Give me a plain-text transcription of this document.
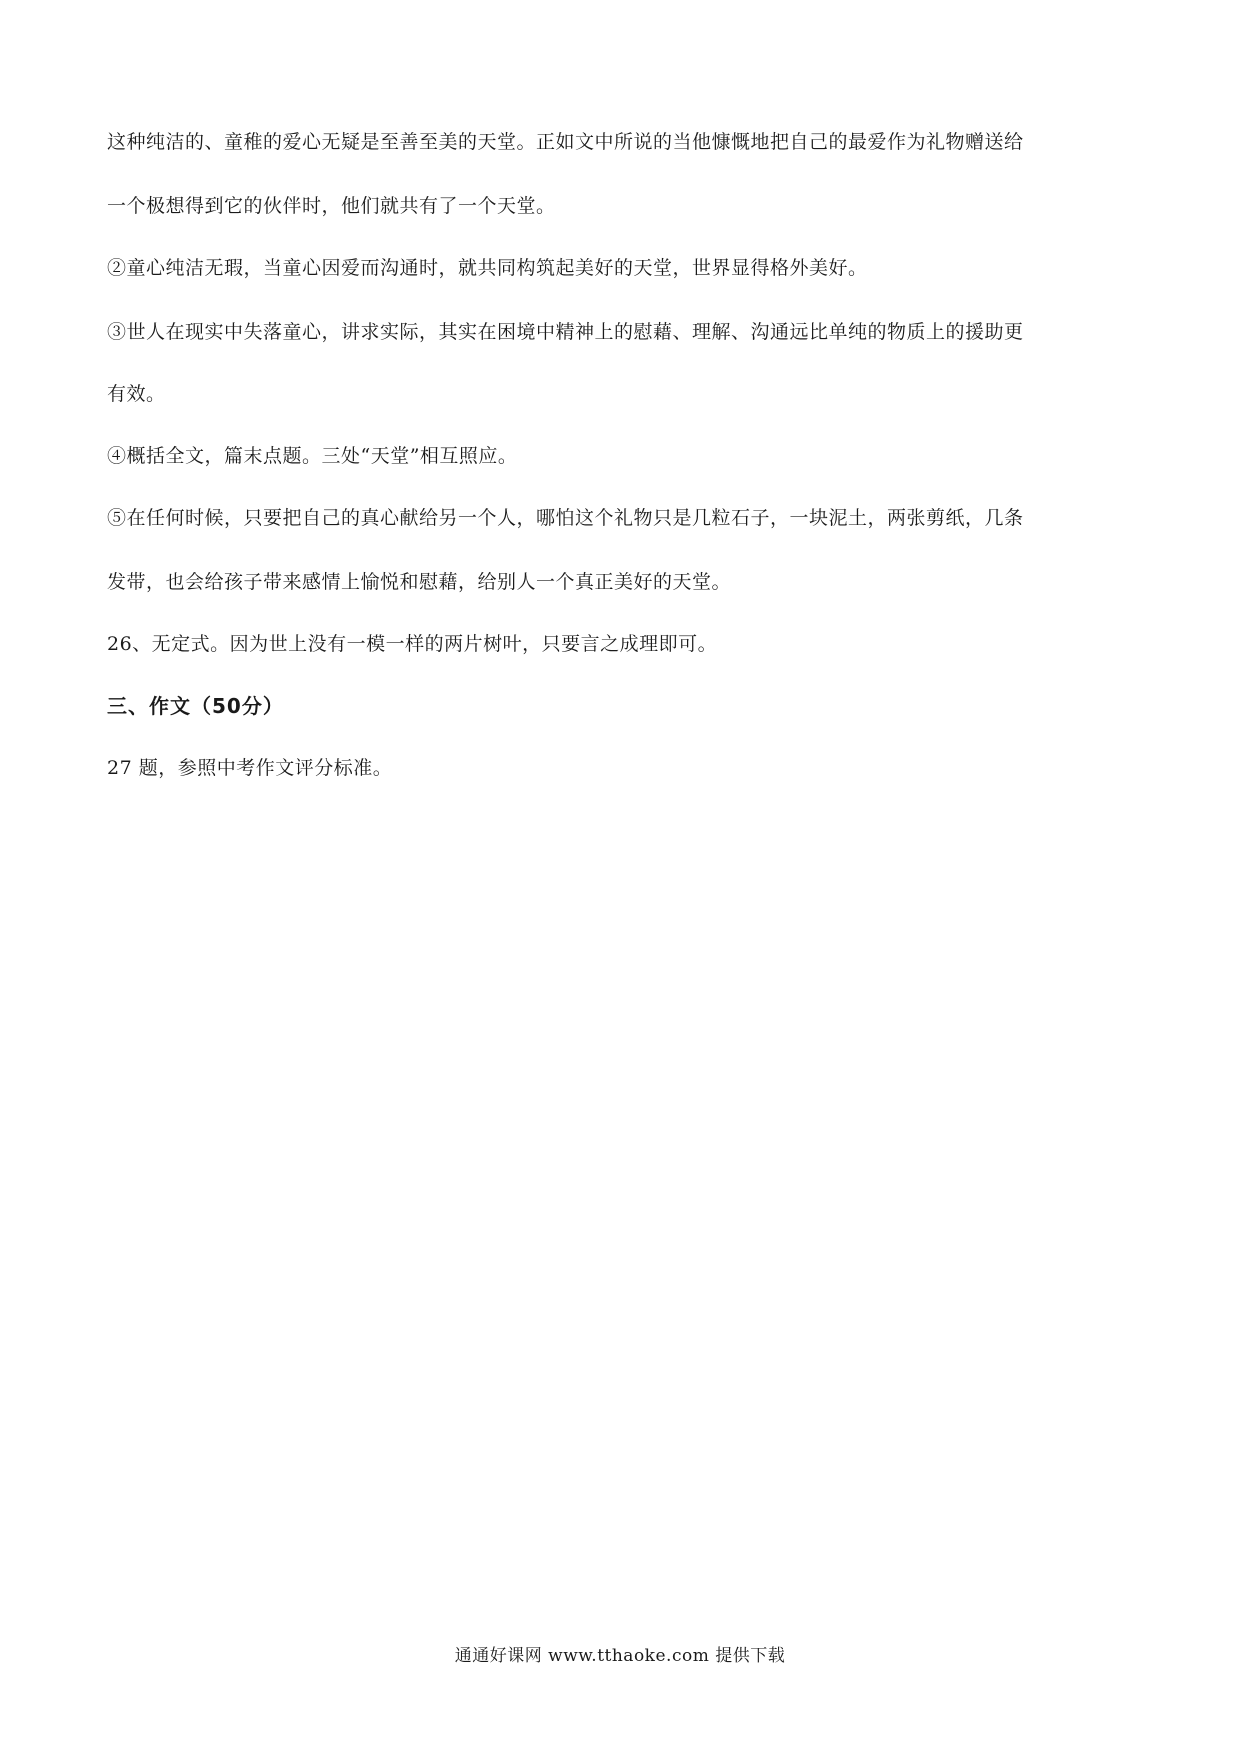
这种纯洁的、童稚的爱心无疑是至善至美的天堂。正如文中所说的当他慷慨地把自己的最爱作为礼物赠送给
一个极想得到它的伙伴时，他们就共有了一个天堂。
②童心纯洁无瑕，当童心因爱而沟通时，就共同构筑起美好的天堂，世界显得格外美好。
③世人在现实中失落童心，讲求实际，其实在困境中精神上的慰藉、理解、沟通远比单纯的物质上的援助更
有效。
④概括全文，篇末点题。三处“天堂”相互照应。
⑤在任何时候，只要把自己的真心献给另一个人，哪怕这个礼物只是几粒石子，一块泥土，两张剪纸，几条
发带，也会给孩子带来感情上愉悦和慰藉，给别人一个真正美好的天堂。
26、无定式。因为世上没有一模一样的两片树叶，只要言之成理即可。
三、作文（50分）
27 题，参照中考作文评分标准。
通通好课网 www.tthaoke.com 提供下载
